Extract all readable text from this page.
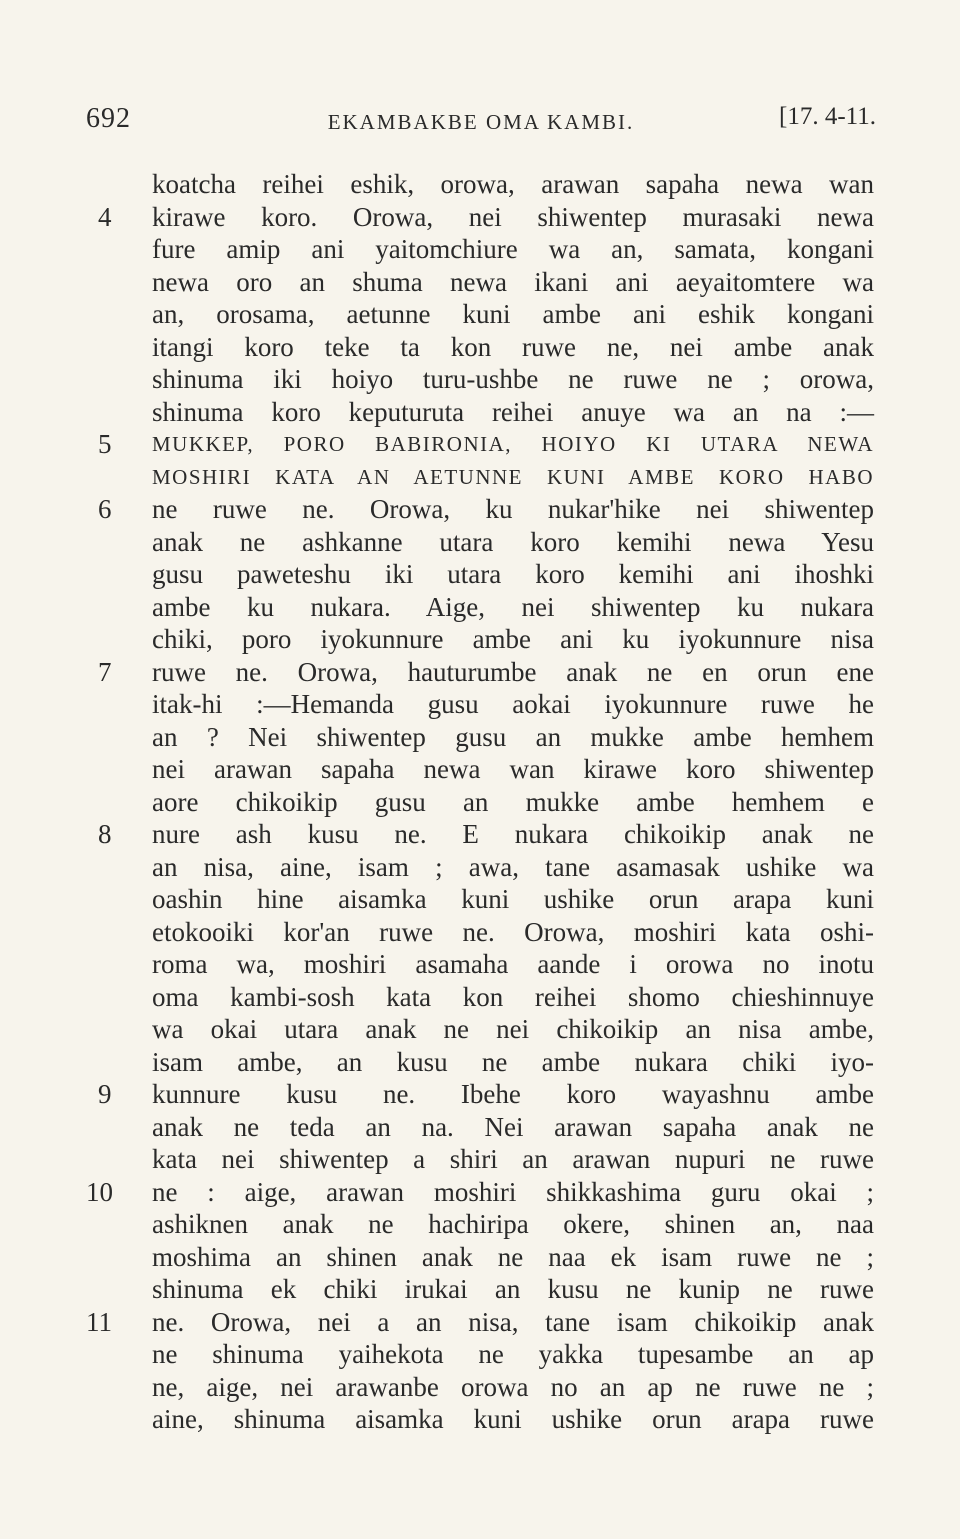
692	EKAMBAKBE OMA KAMBI.	[17. 4-11.
koatcha reihei eshik, orowa, arawan sapaha newa wan
4	kirawe koro. Orowa, nei shiwentep murasaki newa
fure amip ani yaitomchiure wa an, samata, kongani
newa oro an shuma newa ikani ani aeyaitomtere wa
an, orosama, aetunne kuni ambe ani eshik kongani
itangi koro teke ta kon ruwe ne, nei ambe anak
shinuma iki hoiyo turu-ushbe ne ruwe ne ; orowa,
shinuma koro keputuruta reihei anuye wa an na :—
5	MUKKEP, PORO BABIRONIA, HOIYO KI UTARA NEWA
MOSHIRI KATA AN AETUNNE KUNI AMBE KORO HABO
6	ne ruwe ne. Orowa, ku nukar'hike nei shiwentep
anak ne ashkanne utara koro kemihi newa Yesu
gusu paweteshu iki utara koro kemihi ani ihoshki
ambe ku nukara. Aige, nei shiwentep ku nukara
chiki, poro iyokunnure ambe ani ku iyokunnure nisa
7	ruwe ne. Orowa, hauturumbe anak ne en orun ene
itak-hi :—Hemanda gusu aokai iyokunnure ruwe he
an ? Nei shiwentep gusu an mukke ambe hemhem
nei arawan sapaha newa wan kirawe koro shiwentep
aore chikoikip gusu an mukke ambe hemhem e
8	nure ash kusu ne. E nukara chikoikip anak ne
an nisa, aine, isam ; awa, tane asamasak ushike wa
oashin hine aisamka kuni ushike orun arapa kuni
etokooiki kor'an ruwe ne. Orowa, moshiri kata oshi-
roma wa, moshiri asamaha aande i orowa no inotu
oma kambi-sosh kata kon reihei shomo chieshinnuye
wa okai utara anak ne nei chikoikip an nisa ambe,
isam ambe, an kusu ne ambe nukara chiki iyo-
9	kunnure kusu ne. Ibehe koro wayashnu ambe
anak ne teda an na. Nei arawan sapaha anak ne
kata nei shiwentep a shiri an arawan nupuri ne ruwe
10 ne : aige, arawan moshiri shikkashima guru okai ;
ashiknen anak ne hachiripa okere, shinen an, naa
moshima an shinen anak ne naa ek isam ruwe ne ;
shinuma ek chiki irukai an kusu ne kunip ne ruwe
11 ne. Orowa, nei a an nisa, tane isam chikoikip anak
ne shinuma yaihekota ne yakka tupesambe an ap
ne, aige, nei arawanbe orowa no an ap ne ruwe ne ;
aine, shinuma aisamka kuni ushike orun arapa ruwe
